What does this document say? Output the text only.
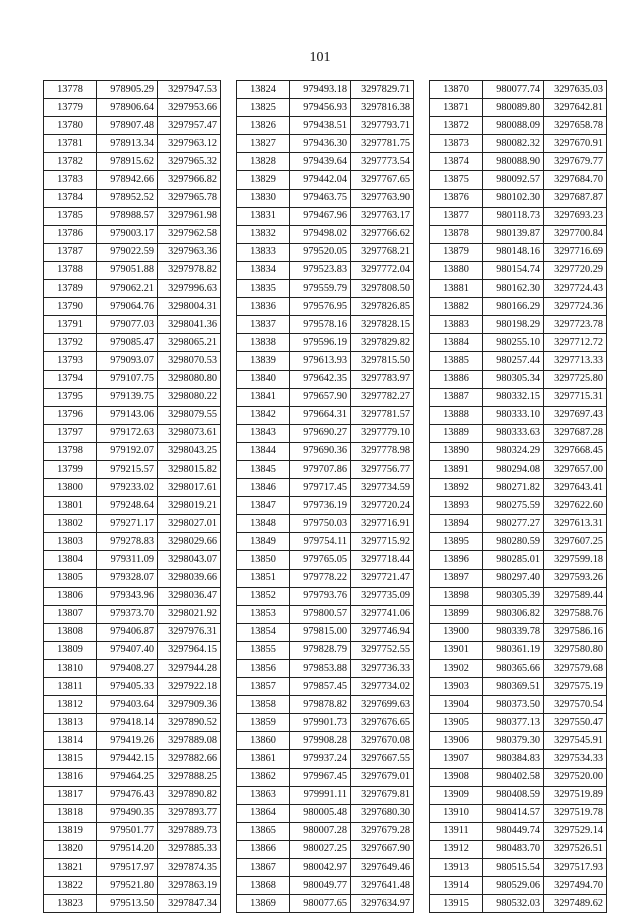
101
13778	978905.29	3297947.53
13779	978906.64	3297953.66
13780	978907.48	3297957.47
13781	978913.34	3297963.12
13782	978915.62	3297965.32
13783	978942.66	3297966.82
13784	978952.52	3297965.78
13785	978988.57	3297961.98
13786	979003.17	3297962.58
13787	979022.59	3297963.36
13788	979051.88	3297978.82
13789	979062.21	3297996.63
13790	979064.76	3298004.31
13791	979077.03	3298041.36
13792	979085.47	3298065.21
13793	979093.07	3298070.53
13794	979107.75	3298080.80
13795	979139.75	3298080.22
13796	979143.06	3298079.55
13797	979172.63	3298073.61
13798	979192.07	3298043.25
13799	979215.57	3298015.82
13800	979233.02	3298017.61
13801	979248.64	3298019.21
13802	979271.17	3298027.01
13803	979278.83	3298029.66
13804	979311.09	3298043.07
13805	979328.07	3298039.66
13806	979343.96	3298036.47
13807	979373.70	3298021.92
13808	979406.87	3297976.31
13809	979407.40	3297964.15
13810	979408.27	3297944.28
13811	979405.33	3297922.18
13812	979403.64	3297909.36
13813	979418.14	3297890.52
13814	979419.26	3297889.08
13815	979442.15	3297882.66
13816	979464.25	3297888.25
13817	979476.43	3297890.82
13818	979490.35	3297893.77
13819	979501.77	3297889.73
13820	979514.20	3297885.33
13821	979517.97	3297874.35
13822	979521.80	3297863.19
13823	979513.50	3297847.34
13824	979493.18	3297829.71
13825	979456.93	3297816.38
13826	979438.51	3297793.71
13827	979436.30	3297781.75
13828	979439.64	3297773.54
13829	979442.04	3297767.65
13830	979463.75	3297763.90
13831	979467.96	3297763.17
13832	979498.02	3297766.62
13833	979520.05	3297768.21
13834	979523.83	3297772.04
13835	979559.79	3297808.50
13836	979576.95	3297826.85
13837	979578.16	3297828.15
13838	979596.19	3297829.82
13839	979613.93	3297815.50
13840	979642.35	3297783.97
13841	979657.90	3297782.27
13842	979664.31	3297781.57
13843	979690.27	3297779.10
13844	979690.36	3297778.98
13845	979707.86	3297756.77
13846	979717.45	3297734.59
13847	979736.19	3297720.24
13848	979750.03	3297716.91
13849	979754.11	3297715.92
13850	979765.05	3297718.44
13851	979778.22	3297721.47
13852	979793.76	3297735.09
13853	979800.57	3297741.06
13854	979815.00	3297746.94
13855	979828.79	3297752.55
13856	979853.88	3297736.33
13857	979857.45	3297734.02
13858	979878.82	3297699.63
13859	979901.73	3297676.65
13860	979908.28	3297670.08
13861	979937.24	3297667.55
13862	979967.45	3297679.01
13863	979991.11	3297679.81
13864	980005.48	3297680.30
13865	980007.28	3297679.28
13866	980027.25	3297667.90
13867	980042.97	3297649.46
13868	980049.77	3297641.48
13869	980077.65	3297634.97
13870	980077.74	3297635.03
13871	980089.80	3297642.81
13872	980088.09	3297658.78
13873	980082.32	3297670.91
13874	980088.90	3297679.77
13875	980092.57	3297684.70
13876	980102.30	3297687.87
13877	980118.73	3297693.23
13878	980139.87	3297700.84
13879	980148.16	3297716.69
13880	980154.74	3297720.29
13881	980162.30	3297724.43
13882	980166.29	3297724.36
13883	980198.29	3297723.78
13884	980255.10	3297712.72
13885	980257.44	3297713.33
13886	980305.34	3297725.80
13887	980332.15	3297715.31
13888	980333.10	3297697.43
13889	980333.63	3297687.28
13890	980324.29	3297668.45
13891	980294.08	3297657.00
13892	980271.82	3297643.41
13893	980275.59	3297622.60
13894	980277.27	3297613.31
13895	980280.59	3297607.25
13896	980285.01	3297599.18
13897	980297.40	3297593.26
13898	980305.39	3297589.44
13899	980306.82	3297588.76
13900	980339.78	3297586.16
13901	980361.19	3297580.80
13902	980365.66	3297579.68
13903	980369.51	3297575.19
13904	980373.50	3297570.54
13905	980377.13	3297550.47
13906	980379.30	3297545.91
13907	980384.83	3297534.33
13908	980402.58	3297520.00
13909	980408.59	3297519.89
13910	980414.57	3297519.78
13911	980449.74	3297529.14
13912	980483.70	3297526.51
13913	980515.54	3297517.93
13914	980529.06	3297494.70
13915	980532.03	3297489.62
